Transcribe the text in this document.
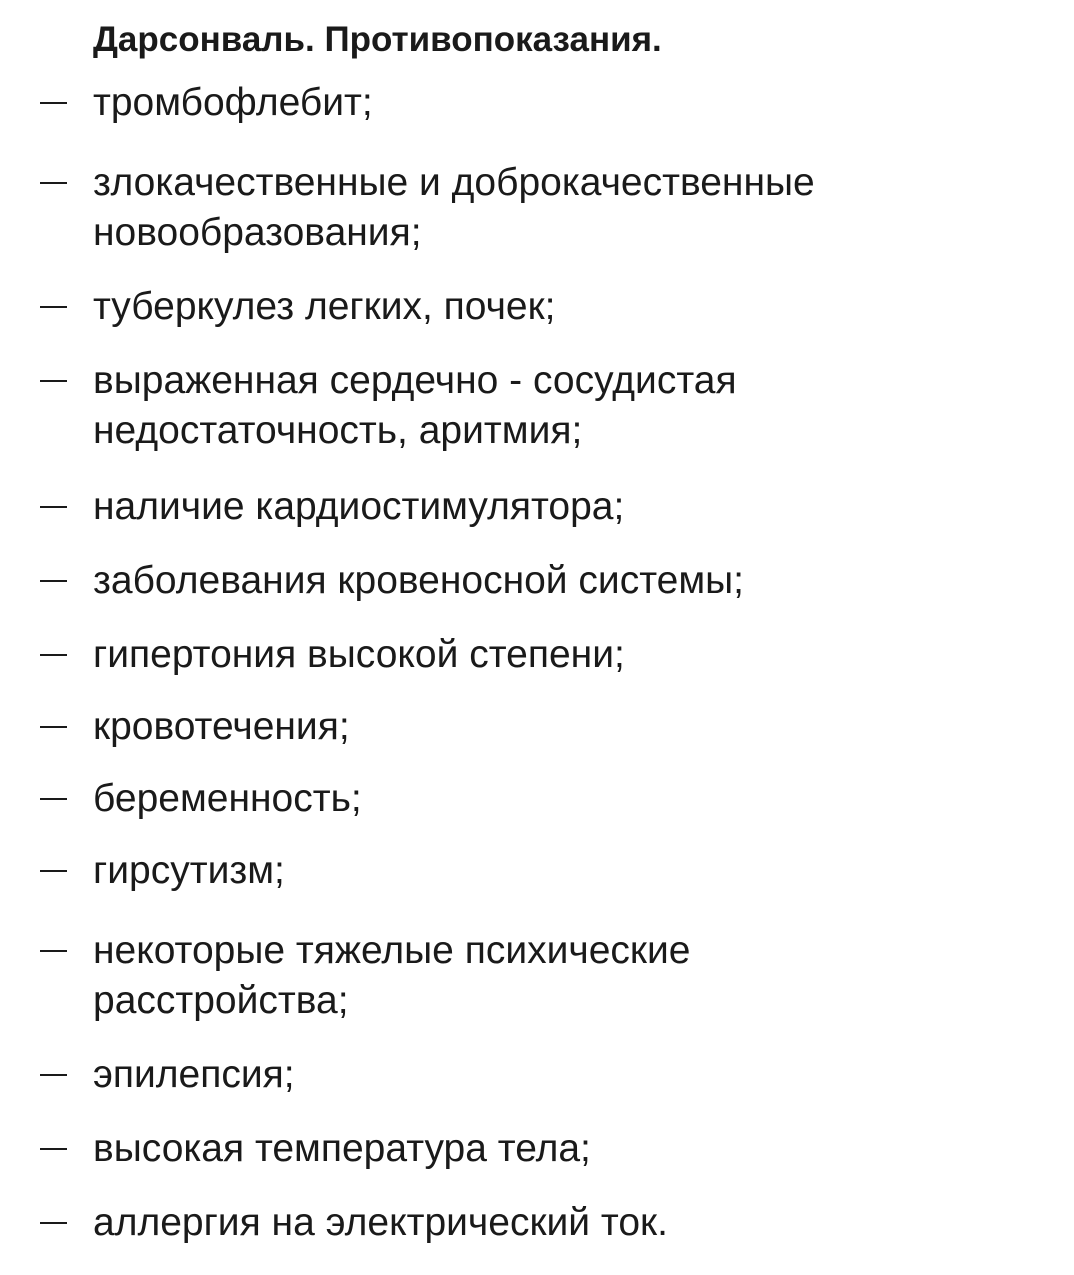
Дарсонваль. Противопоказания.
тромбофлебит;
злокачественные и доброкачественные
новообразования;
туберкулез легких, почек;
выраженная сердечно - сосудистая
недостаточность, аритмия;
наличие кардиостимулятора;
заболевания кровеносной системы;
гипертония высокой степени;
кровотечения;
беременность;
гирсутизм;
некоторые тяжелые психические
расстройства;
эпилепсия;
высокая температура тела;
аллергия на электрический ток.
